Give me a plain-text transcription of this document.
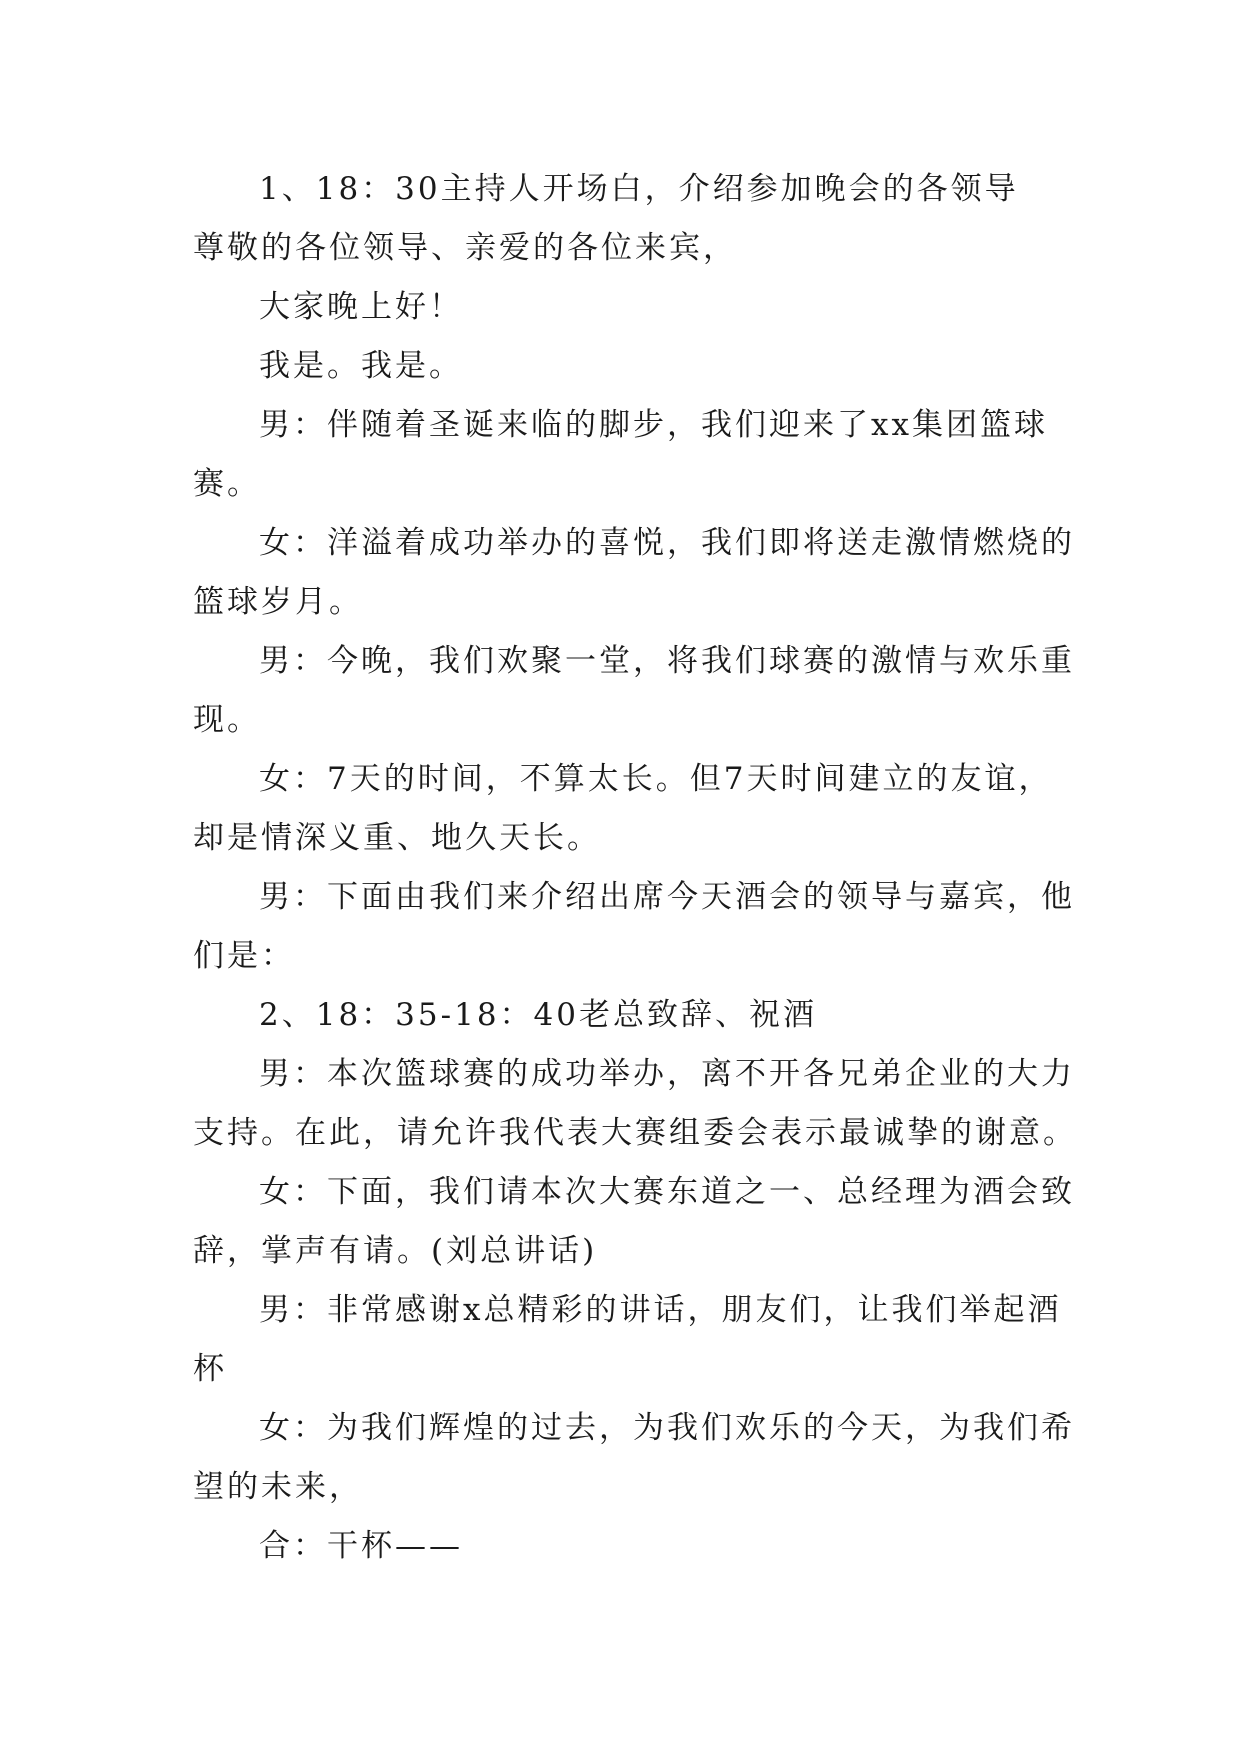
1、18：30主持人开场白，介绍参加晚会的各领导

尊敬的各位领导、亲爱的各位来宾，

大家晚上好！

我是。我是。

男：伴随着圣诞来临的脚步，我们迎来了xx集团篮球赛。

女：洋溢着成功举办的喜悦，我们即将送走激情燃烧的篮球岁月。

男：今晚，我们欢聚一堂，将我们球赛的激情与欢乐重现。

女：7天的时间，不算太长。但7天时间建立的友谊，却是情深义重、地久天长。

男：下面由我们来介绍出席今天酒会的领导与嘉宾，他们是：

2、18：35-18：40老总致辞、祝酒

男：本次篮球赛的成功举办，离不开各兄弟企业的大力支持。在此，请允许我代表大赛组委会表示最诚挚的谢意。

女：下面，我们请本次大赛东道之一、总经理为酒会致辞，掌声有请。(刘总讲话)

男：非常感谢x总精彩的讲话，朋友们，让我们举起酒杯

女：为我们辉煌的过去，为我们欢乐的今天，为我们希望的未来，

合：干杯——
